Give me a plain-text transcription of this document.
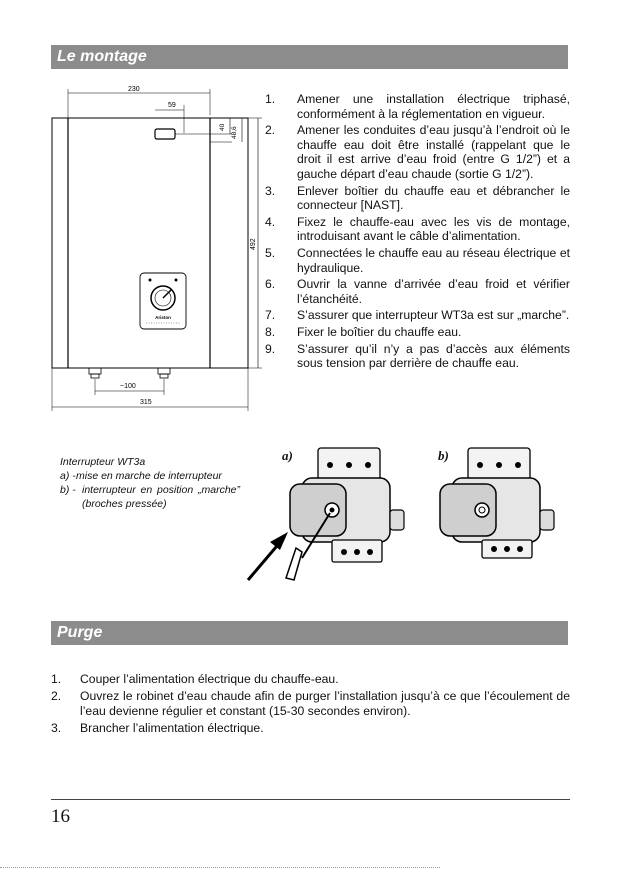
Le montage
230
59
40 48,6
492
Ariston
~100
315
1. Amener une installation électrique triphasé, conformément à la réglementation en vigueur.
2. Amener les conduites d’eau jusqu’à l’endroit où le chauffe eau doit être installé (rappelant que le droit il est arrive d’eau froid (entre G 1/2”) et a gauche départ d’eau chaude (sortie G 1/2”).
3. Enlever boîtier du chauffe eau et débrancher le connecteur [NAST].
4. Fixez le chauffe-eau avec les vis de montage, introduisant avant le câble d’alimentation.
5. Connectées le chauffe eau au réseau électrique et hydraulique.
6. Ouvrir la vanne d’arrivée d’eau froid et vérifier l’étanchéité.
7. S’assurer que interrupteur WT3a est sur „marche”.
8. Fixer le boîtier du chauffe eau.
9. S’assurer qu’il n’y a pas d’accès aux éléments sous tension par derrière de chauffe eau.
Interrupteur WT3a
a) - mise en marche de interrupteur
b) - interrupteur en position „marche” (broches pressée)
a)	b)
Purge
1. Couper l’alimentation électrique du chauffe-eau.
2. Ouvrez le robinet d’eau chaude afin de purger l’installation jusqu’à ce que l’écoulement de l’eau devienne régulier et constant (15-30 secondes environ).
3. Brancher l’alimentation électrique.
16
